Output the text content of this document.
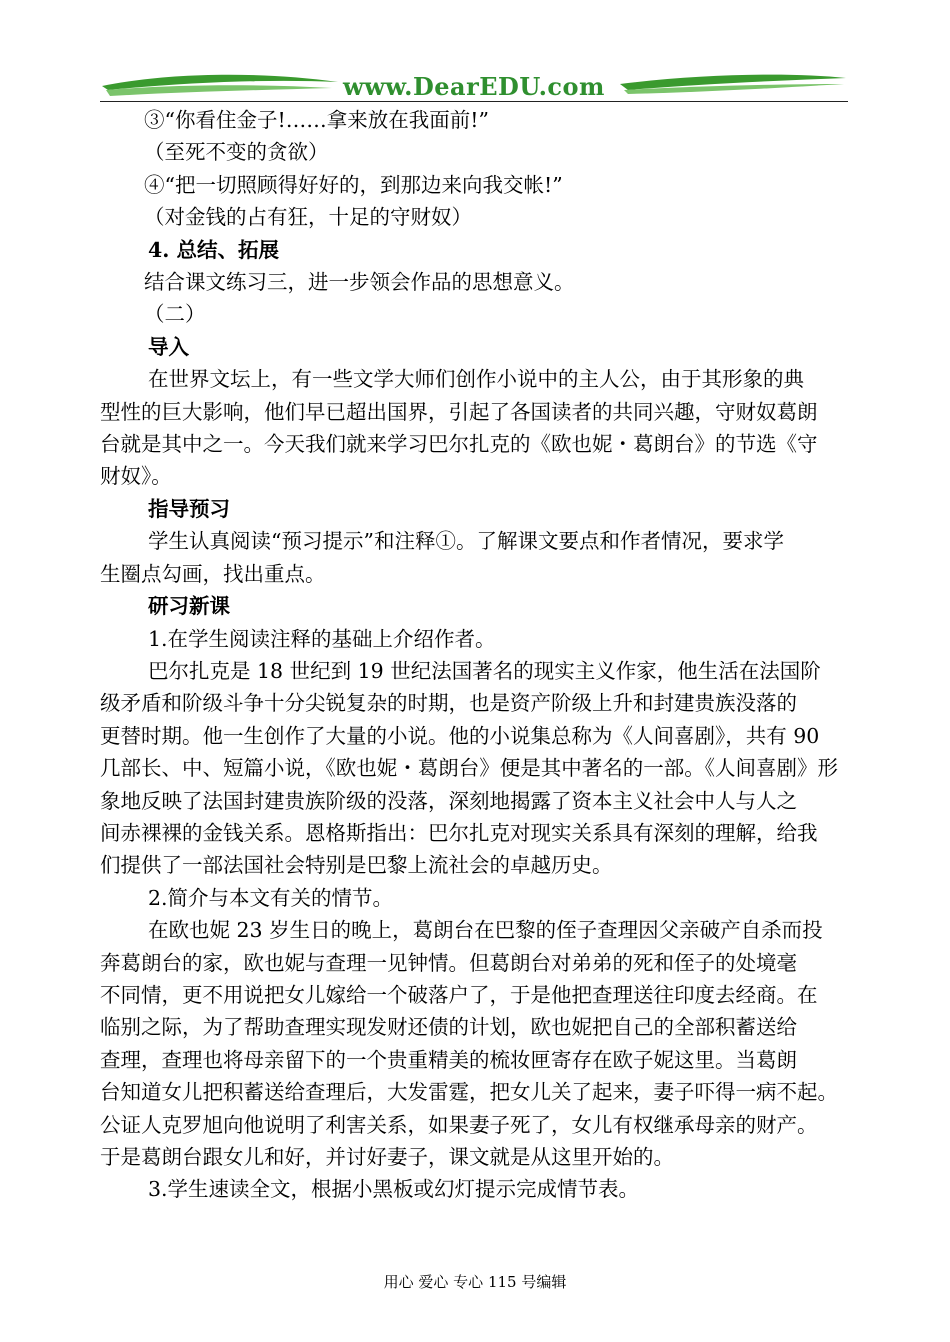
www.DearEDU.com

③“你看住金子!……拿来放在我面前!”

（至死不变的贪欲）

④“把一切照顾得好好的，到那边来向我交帐!”

（对金钱的占有狂，十足的守财奴）

4. 总结、拓展

结合课文练习三，进一步领会作品的思想意义。

（二）

导入

在世界文坛上，有一些文学大师们创作小说中的主人公，由于其形象的典

型性的巨大影响，他们早已超出国界，引起了各国读者的共同兴趣，守财奴葛朗

台就是其中之一。今天我们就来学习巴尔扎克的《欧也妮・葛朗台》的节选《守

财奴》。

指导预习

学生认真阅读“预习提示”和注释①。了解课文要点和作者情况，要求学

生圈点勾画，找出重点。

研习新课

1.在学生阅读注释的基础上介绍作者。

巴尔扎克是 18 世纪到 19 世纪法国著名的现实主义作家，他生活在法国阶

级矛盾和阶级斗争十分尖锐复杂的时期，也是资产阶级上升和封建贵族没落的

更替时期。他一生创作了大量的小说。他的小说集总称为《人间喜剧》，共有 90

几部长、中、短篇小说，《欧也妮・葛朗台》便是其中著名的一部。《人间喜剧》形

象地反映了法国封建贵族阶级的没落，深刻地揭露了资本主义社会中人与人之

间赤裸裸的金钱关系。恩格斯指出：巴尔扎克对现实关系具有深刻的理解，给我

们提供了一部法国社会特别是巴黎上流社会的卓越历史。

2.简介与本文有关的情节。

在欧也妮 23 岁生日的晚上，葛朗台在巴黎的侄子查理因父亲破产自杀而投

奔葛朗台的家，欧也妮与查理一见钟情。但葛朗台对弟弟的死和侄子的处境毫

不同情，更不用说把女儿嫁给一个破落户了，于是他把查理送往印度去经商。在

临别之际，为了帮助查理实现发财还债的计划，欧也妮把自己的全部积蓄送给

查理，查理也将母亲留下的一个贵重精美的梳妆匣寄存在欧子妮这里。当葛朗

台知道女儿把积蓄送给查理后，大发雷霆，把女儿关了起来，妻子吓得一病不起。

公证人克罗旭向他说明了利害关系，如果妻子死了，女儿有权继承母亲的财产。

于是葛朗台跟女儿和好，并讨好妻子，课文就是从这里开始的。

3.学生速读全文，根据小黑板或幻灯提示完成情节表。

用心 爱心 专心 115 号编辑
